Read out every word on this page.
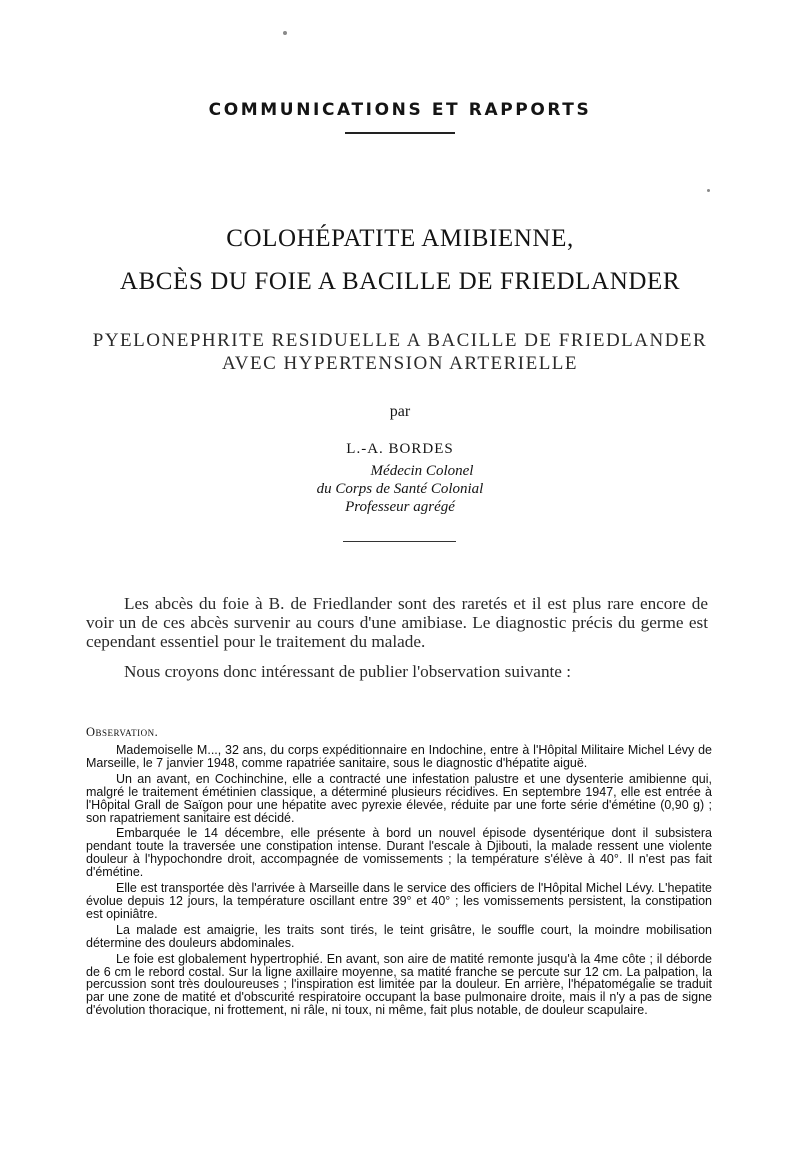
COMMUNICATIONS ET RAPPORTS
COLOHÉPATITE AMIBIENNE,
ABCÈS DU FOIE A BACILLE DE FRIEDLANDER
PYELONEPHRITE RESIDUELLE A BACILLE DE FRIEDLANDER
AVEC HYPERTENSION ARTERIELLE
par
L.-A. BORDES
Médecin Colonel
du Corps de Santé Colonial
Professeur agrégé

Les abcès du foie à B. de Friedlander sont des raretés et il est plus rare encore de voir un de ces abcès survenir au cours d'une amibiase. Le diagnostic précis du germe est cependant essentiel pour le traitement du malade.

Nous croyons donc intéressant de publier l'observation suivante :

Observation.

Mademoiselle M..., 32 ans, du corps expéditionnaire en Indochine, entre à l'Hôpital Militaire Michel Lévy de Marseille, le 7 janvier 1948, comme rapatriée sanitaire, sous le diagnostic d'hépatite aiguë.

Un an avant, en Cochinchine, elle a contracté une infestation palustre et une dysenterie amibienne qui, malgré le traitement émétinien classique, a déterminé plusieurs récidives. En septembre 1947, elle est entrée à l'Hôpital Grall de Saïgon pour une hépatite avec pyrexie élevée, réduite par une forte série d'émétine (0,90 g) ; son rapatriement sanitaire est décidé.

Embarquée le 14 décembre, elle présente à bord un nouvel épisode dysentérique dont il subsistera pendant toute la traversée une constipation intense. Durant l'escale à Djibouti, la malade ressent une violente douleur à l'hypochondre droit, accompagnée de vomissements ; la température s'élève à 40°. Il n'est pas fait d'émétine.

Elle est transportée dès l'arrivée à Marseille dans le service des officiers de l'Hôpital Michel Lévy. L'hepatite évolue depuis 12 jours, la température oscillant entre 39° et 40° ; les vomissements persistent, la constipation est opiniâtre.

La malade est amaigrie, les traits sont tirés, le teint grisâtre, le souffle court, la moindre mobilisation détermine des douleurs abdominales.

Le foie est globalement hypertrophié. En avant, son aire de matité remonte jusqu'à la 4me côte ; il déborde de 6 cm le rebord costal. Sur la ligne axillaire moyenne, sa matité franche se percute sur 12 cm. La palpation, la percussion sont très douloureuses ; l'inspiration est limitée par la douleur. En arrière, l'hépatomégalie se traduit par une zone de matité et d'obscurité respiratoire occupant la base pulmonaire droite, mais il n'y a pas de signe d'évolution thoracique, ni frottement, ni râle, ni toux, ni même, fait plus notable, de douleur scapulaire.
